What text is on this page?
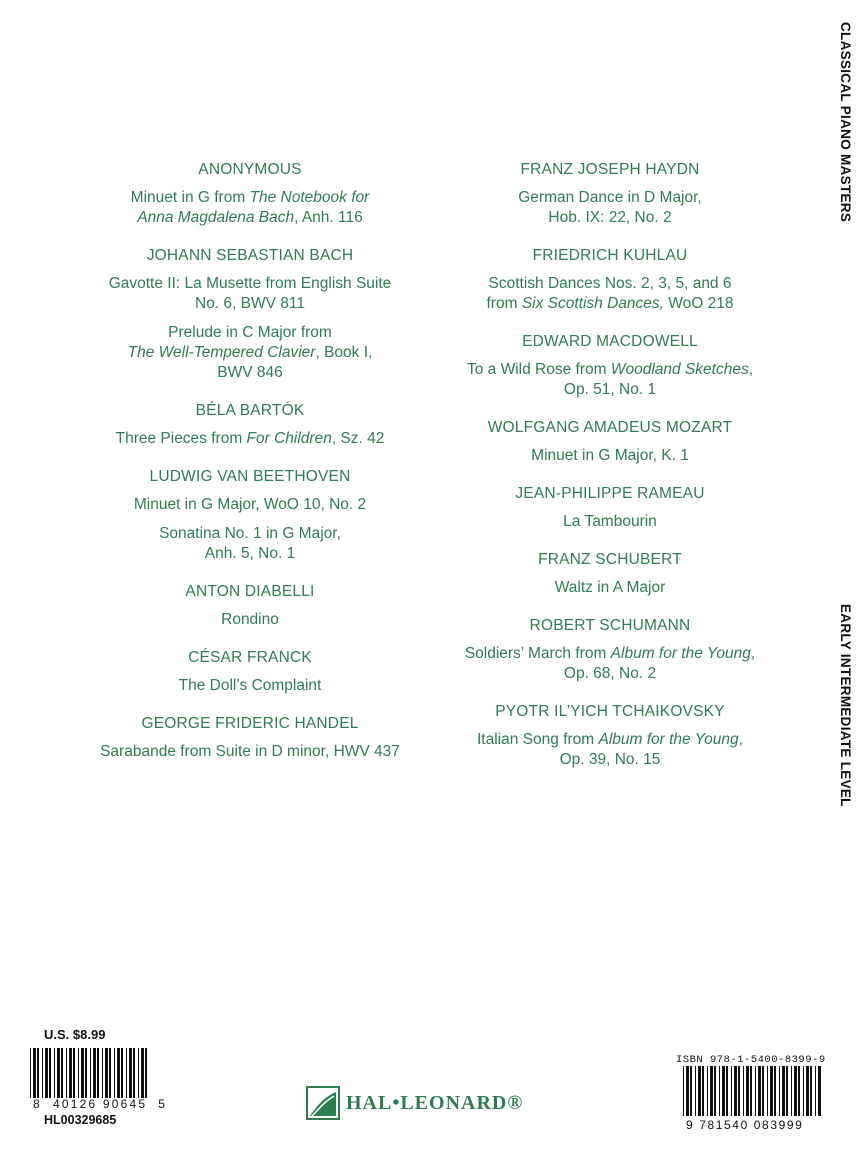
ANONYMOUS
Minuet in G from The Notebook for
Anna Magdalena Bach, Anh. 116
JOHANN SEBASTIAN BACH
Gavotte II: La Musette from English Suite
No. 6, BWV 811
Prelude in C Major from
The Well-Tempered Clavier, Book I,
BWV 846
BÉLA BARTÓK
Three Pieces from For Children, Sz. 42
LUDWIG VAN BEETHOVEN
Minuet in G Major, WoO 10, No. 2
Sonatina No. 1 in G Major,
Anh. 5, No. 1
ANTON DIABELLI
Rondino
CÉSAR FRANCK
The Doll’s Complaint
GEORGE FRIDERIC HANDEL
Sarabande from Suite in D minor, HWV 437
FRANZ JOSEPH HAYDN
German Dance in D Major,
Hob. IX: 22, No. 2
FRIEDRICH KUHLAU
Scottish Dances Nos. 2, 3, 5, and 6
from Six Scottish Dances, WoO 218
EDWARD MACDOWELL
To a Wild Rose from Woodland Sketches,
Op. 51, No. 1
WOLFGANG AMADEUS MOZART
Minuet in G Major, K. 1
JEAN-PHILIPPE RAMEAU
La Tambourin
FRANZ SCHUBERT
Waltz in A Major
ROBERT SCHUMANN
Soldiers’ March from Album for the Young,
Op. 68, No. 2
PYOTR IL’YICH TCHAIKOVSKY
Italian Song from Album for the Young,
Op. 39, No. 15
CLASSICAL PIANO MASTERS
EARLY INTERMEDIATE LEVEL
U.S. $8.99
8  40126 90645  5
HL00329685
HAL•LEONARD®
ISBN 978-1-5400-8399-9
9 781540 083999
